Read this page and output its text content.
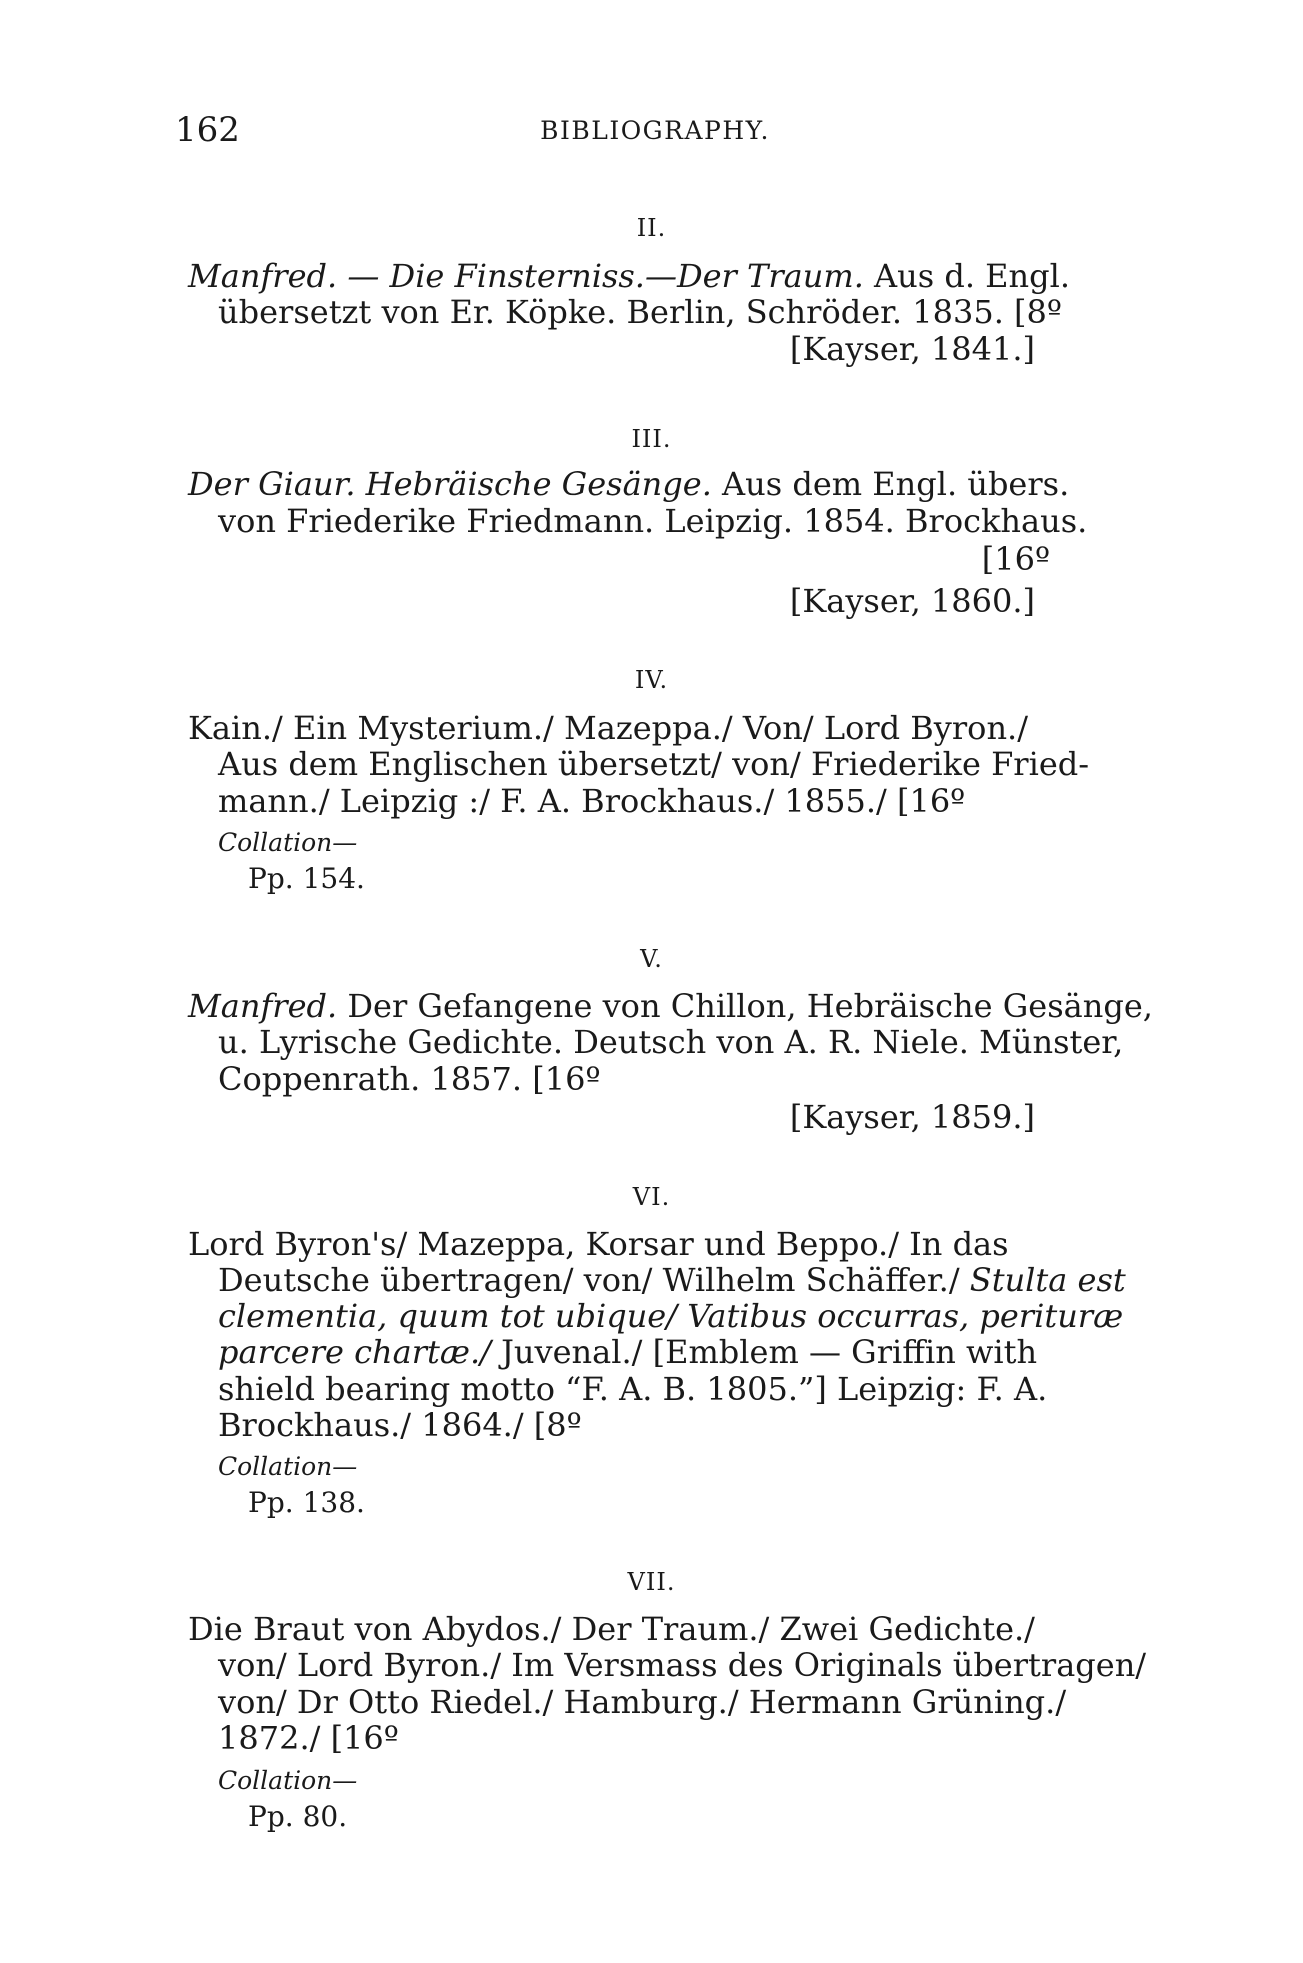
162	BIBLIOGRAPHY.
II.
Manfred. — Die Finsterniss.—Der Traum. Aus d. Engl.
übersetzt von Er. Köpke. Berlin, Schröder. 1835. [8º
[Kayser, 1841.]
III.
Der Giaur. Hebräische Gesänge. Aus dem Engl. übers.
von Friederike Friedmann. Leipzig. 1854. Brockhaus.
[16º
[Kayser, 1860.]
IV.
Kain./ Ein Mysterium./ Mazeppa./ Von/ Lord Byron./
Aus dem Englischen übersetzt/ von/ Friederike Fried-
mann./ Leipzig :/ F. A. Brockhaus./ 1855./ [16º
Collation—
Pp. 154.
V.
Manfred. Der Gefangene von Chillon, Hebräische Gesänge,
u. Lyrische Gedichte. Deutsch von A. R. Niele. Münster,
Coppenrath. 1857. [16º
[Kayser, 1859.]
VI.
Lord Byron's/ Mazeppa, Korsar und Beppo./ In das
Deutsche übertragen/ von/ Wilhelm Schäffer./ Stulta est
clementia, quum tot ubique/ Vatibus occurras, perituræ
parcere chartæ./ Juvenal./ [Emblem — Griffin with
shield bearing motto “F. A. B. 1805.”] Leipzig: F. A.
Brockhaus./ 1864./ [8º
Collation—
Pp. 138.
VII.
Die Braut von Abydos./ Der Traum./ Zwei Gedichte./
von/ Lord Byron./ Im Versmass des Originals übertragen/
von/ Dr Otto Riedel./ Hamburg./ Hermann Grüning./
1872./ [16º
Collation—
Pp. 80.
